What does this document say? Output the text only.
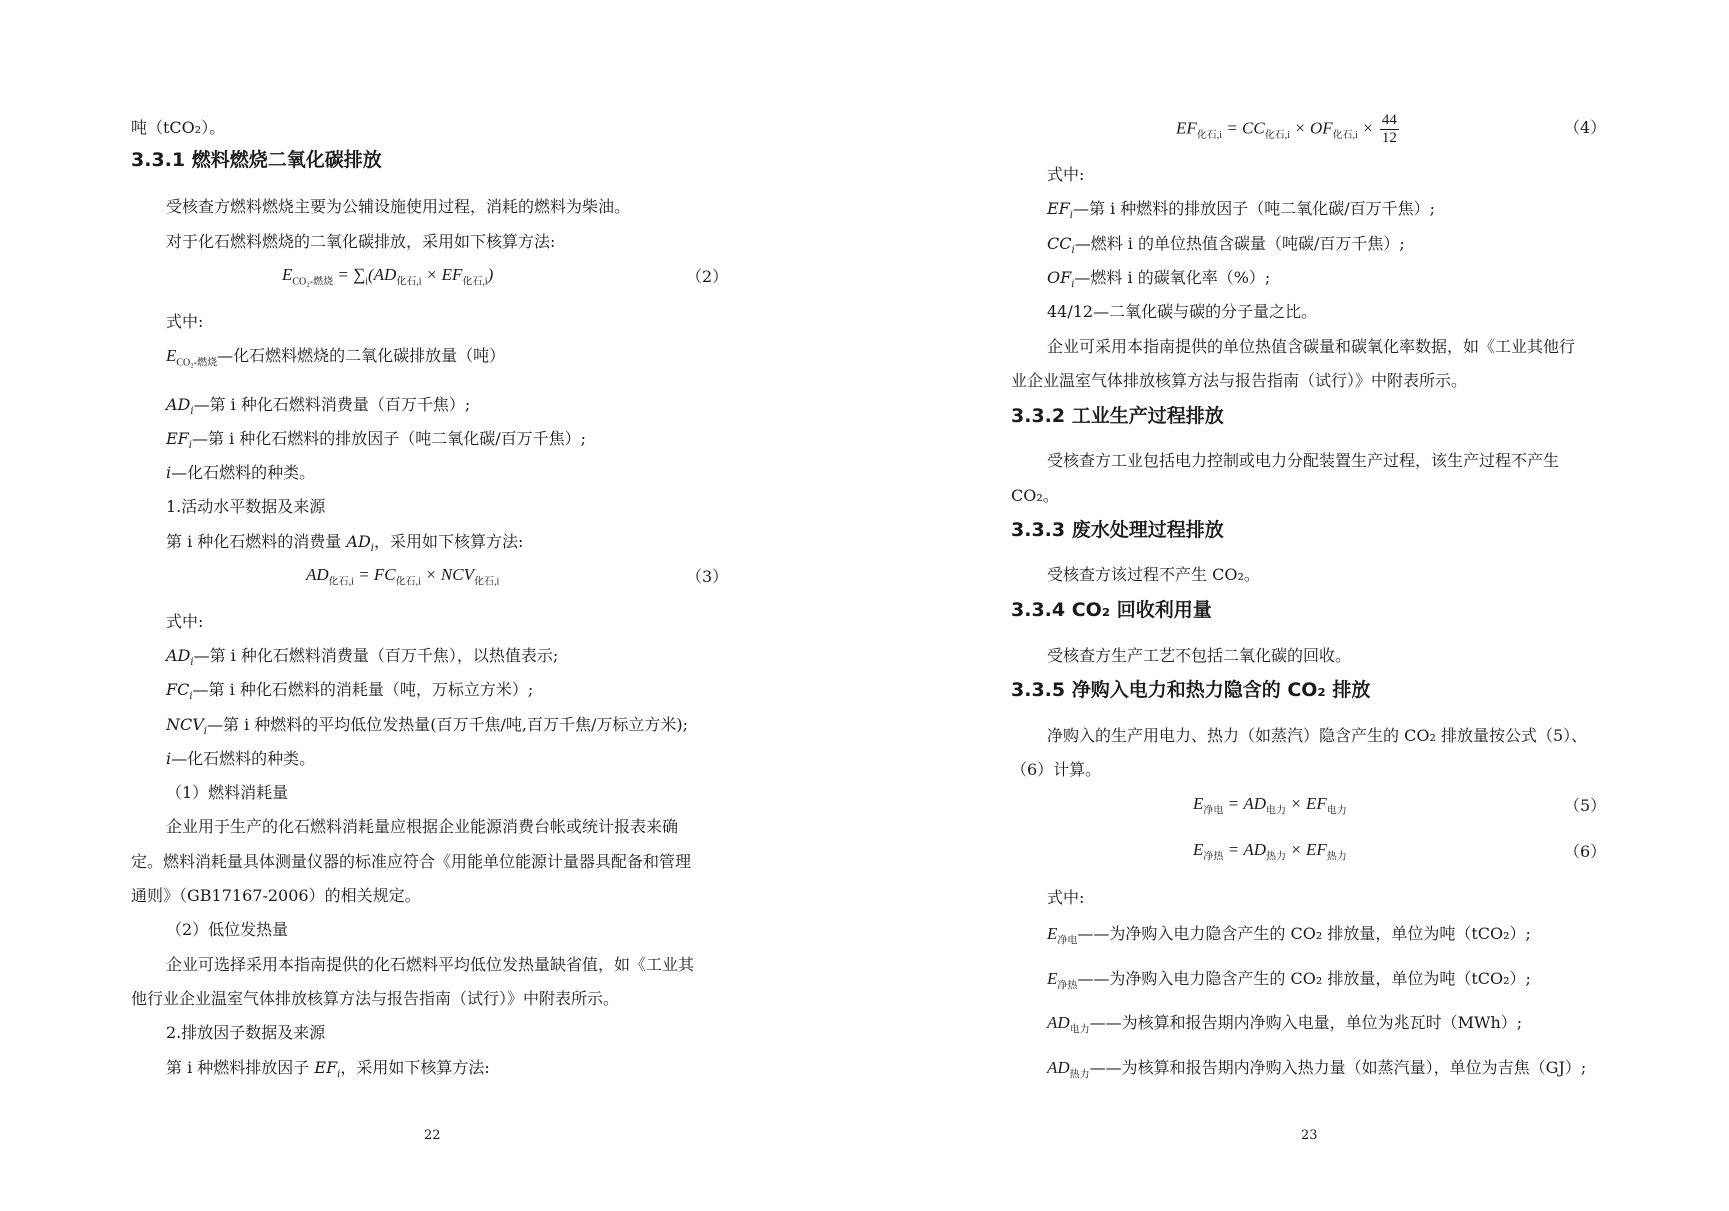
吨（tCO₂）。
3.3.1 燃料燃烧二氧化碳排放
受核查方燃料燃烧主要为公辅设施使用过程，消耗的燃料为柴油。
对于化石燃料燃烧的二氧化碳排放，采用如下核算方法:
$E_{CO_2-燃烧} = \sum_i(AD_{化石,i} \times EF_{化石,i})$	（2）
式中:
$E_{CO_2-燃烧}—$化石燃料燃烧的二氧化碳排放量（吨）
$AD_i—$第 i 种化石燃料消费量（百万千焦）;
$EF_i—$第 i 种化石燃料的排放因子（吨二氧化碳/百万千焦）;
i—化石燃料的种类。
1.活动水平数据及来源
第 i 种化石燃料的消费量 $AD_i$，采用如下核算方法:
$AD_{化石,i} = FC_{化石,i} \times NCV_{化石,i}$	（3）
式中:
$AD_i—$第 i 种化石燃料消费量（百万千焦），以热值表示;
$FC_i—$第 i 种化石燃料的消耗量（吨，万标立方米）;
$NCV_i—$第 i 种燃料的平均低位发热量(百万千焦/吨,百万千焦/万标立方米);
i—化石燃料的种类。
（1）燃料消耗量
企业用于生产的化石燃料消耗量应根据企业能源消费台帐或统计报表来确
定。燃料消耗量具体测量仪器的标准应符合《用能单位能源计量器具配备和管理
通则》（GB17167-2006）的相关规定。
（2）低位发热量
企业可选择采用本指南提供的化石燃料平均低位发热量缺省值，如《工业其
他行业企业温室气体排放核算方法与报告指南（试行）》中附表所示。
2.排放因子数据及来源
第 i 种燃料排放因子 $EF_i$，采用如下核算方法:
22
$EF_{化石,i} = CC_{化石,i} \times OF_{化石,i} \times \frac{44}{12}$	（4）
式中:
$EF_i—$第 i 种燃料的排放因子（吨二氧化碳/百万千焦）;
$CC_i—$燃料 i 的单位热值含碳量（吨碳/百万千焦）;
$OF_i—$燃料 i 的碳氧化率（%）;
44/12—二氧化碳与碳的分子量之比。
企业可采用本指南提供的单位热值含碳量和碳氧化率数据，如《工业其他行
业企业温室气体排放核算方法与报告指南（试行）》中附表所示。
3.3.2 工业生产过程排放
受核查方工业包括电力控制或电力分配装置生产过程，该生产过程不产生
CO₂。
3.3.3 废水处理过程排放
受核查方该过程不产生 CO₂。
3.3.4 CO₂ 回收利用量
受核查方生产工艺不包括二氧化碳的回收。
3.3.5 净购入电力和热力隐含的 CO₂ 排放
净购入的生产用电力、热力（如蒸汽）隐含产生的 CO₂ 排放量按公式（5）、
（6）计算。
$E_{净电} = AD_{电力} \times EF_{电力}$	（5）
$E_{净热} = AD_{热力} \times EF_{热力}$	（6）
式中:
$E_{净电}——$为净购入电力隐含产生的 CO₂ 排放量，单位为吨（tCO₂）;
$E_{净热}——$为净购入电力隐含产生的 CO₂ 排放量，单位为吨（tCO₂）;
$AD_{电力}——$为核算和报告期内净购入电量，单位为兆瓦时（MWh）;
$AD_{热力}——$为核算和报告期内净购入热力量（如蒸汽量），单位为吉焦（GJ）;
23
